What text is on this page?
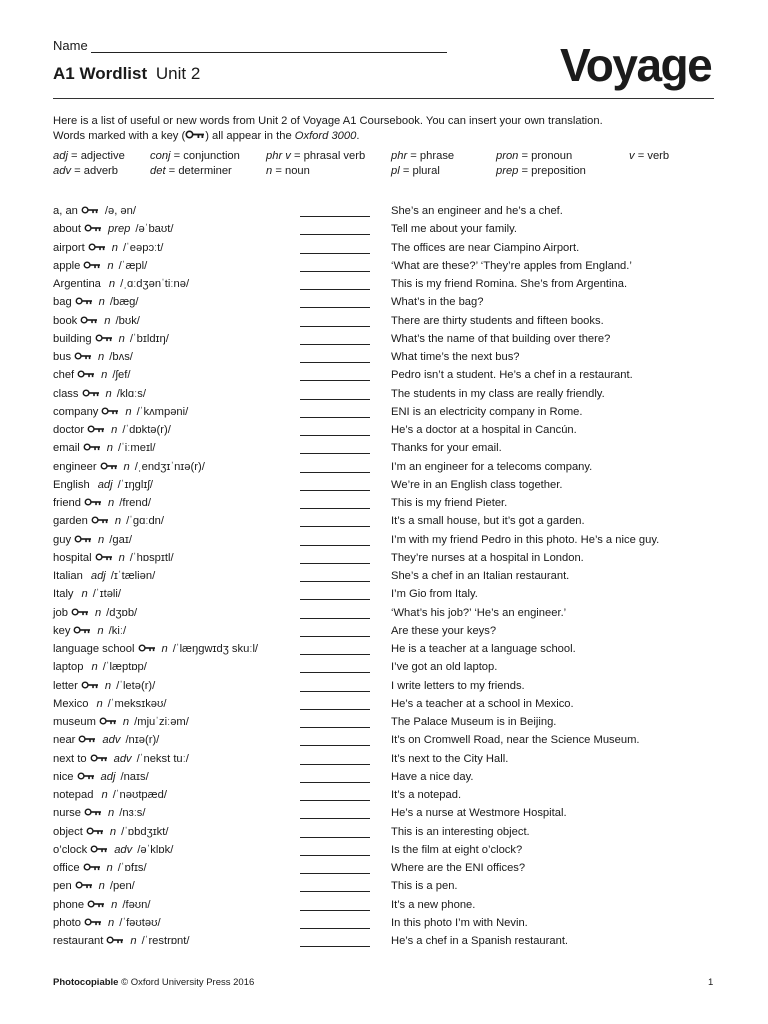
Name
A1 Wordlist Unit 2	Voyage
Here is a list of useful or new words from Unit 2 of Voyage A1 Coursebook. You can insert your own translation.
Words marked with a key ( ) all appear in the Oxford 3000.
adj = adjective
adv = adverb
conj = conjunction
det = determiner
phr v = phrasal verb
n = noun
phr = phrase
pl = plural
pron = pronoun
prep = preposition
v = verb
a, an /ə, ən/	She’s an engineer and he’s a chef.
about prep /əˈbaʊt/	Tell me about your family.
airport n /ˈeəpɔːt/	The offices are near Ciampino Airport.
apple n /ˈæpl/	‘What are these?’ ‘They’re apples from England.’
Argentina n /ˌɑːdʒənˈtiːnə/	This is my friend Romina. She’s from Argentina.
bag n /bæg/	What’s in the bag?
book n /bʊk/	There are thirty students and fifteen books.
building n /ˈbɪldɪŋ/	What’s the name of that building over there?
bus n /bʌs/	What time’s the next bus?
chef n /ʃef/	Pedro isn’t a student. He’s a chef in a restaurant.
class n /klɑːs/	The students in my class are really friendly.
company n /ˈkʌmpəni/	ENI is an electricity company in Rome.
doctor n /ˈdɒktə(r)/	He’s a doctor at a hospital in Cancún.
email n /ˈiːmeɪl/	Thanks for your email.
engineer n /ˌendʒɪˈnɪə(r)/	I’m an engineer for a telecoms company.
English adj /ˈɪŋglɪʃ/	We’re in an English class together.
friend n /frend/	This is my friend Pieter.
garden n /ˈgɑːdn/	It’s a small house, but it’s got a garden.
guy n /gaɪ/	I’m with my friend Pedro in this photo. He’s a nice guy.
hospital n /ˈhɒspɪtl/	They’re nurses at a hospital in London.
Italian adj /ɪˈtæliən/	She’s a chef in an Italian restaurant.
Italy n /ˈɪtəli/	I’m Gio from Italy.
job n /dʒɒb/	‘What’s his job?’ ‘He’s an engineer.’
key n /kiː/	Are these your keys?
language school n /ˈlæŋgwɪdʒ skuːl/	He is a teacher at a language school.
laptop n /ˈlæptɒp/	I’ve got an old laptop.
letter n /ˈletə(r)/	I write letters to my friends.
Mexico n /ˈmeksɪkəʊ/	He’s a teacher at a school in Mexico.
museum n /mjuˈziːəm/	The Palace Museum is in Beijing.
near adv /nɪə(r)/	It’s on Cromwell Road, near the Science Museum.
next to adv /ˈnekst tuː/	It’s next to the City Hall.
nice adj /naɪs/	Have a nice day.
notepad n /ˈnəʊtpæd/	It’s a notepad.
nurse n /nɜːs/	He’s a nurse at Westmore Hospital.
object n /ˈɒbdʒɪkt/	This is an interesting object.
o’clock adv /əˈklɒk/	Is the film at eight o’clock?
office n /ˈɒfɪs/	Where are the ENI offices?
pen n /pen/	This is a pen.
phone n /fəʊn/	It’s a new phone.
photo n /ˈfəʊtəʊ/	In this photo I’m with Nevin.
restaurant n /ˈrestrɒnt/	He’s a chef in a Spanish restaurant.
Photocopiable © Oxford University Press 2016	1
